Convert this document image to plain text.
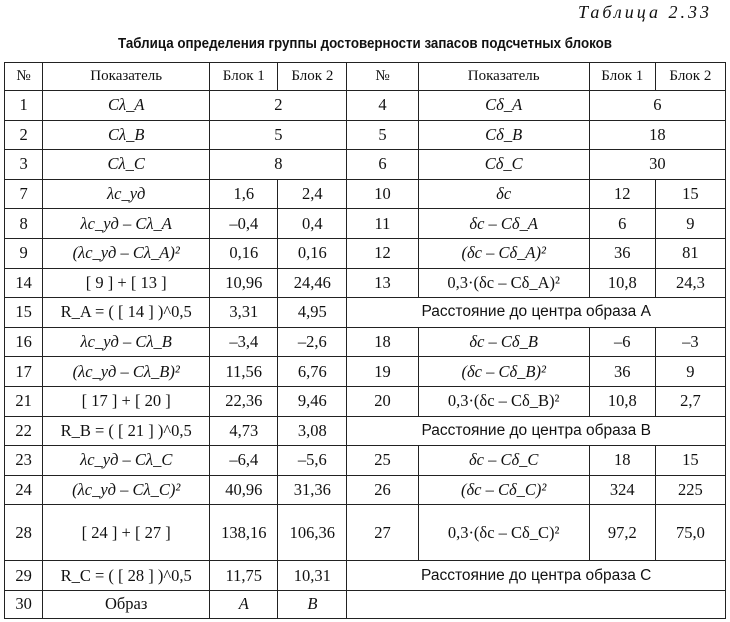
Таблица 2.33
Таблица определения группы достоверности запасов подсчетных блоков
№	Показатель	Блок 1	Блок 2	№	Показатель	Блок 1	Блок 2
1	Cλ_A	2		4	Cδ_A	6	
2	Cλ_B	5		5	Cδ_B	18	
3	Cλ_C	8		6	Cδ_C	30	
7	λc_уд	1,6	2,4	10	δc	12	15
8	λc_уд – Cλ_A	–0,4	0,4	11	δc – Cδ_A	6	9
9	(λc_уд – Cλ_A)²	0,16	0,16	12	(δc – Cδ_A)²	36	81
14	[ 9 ] + [ 13 ]	10,96	24,46	13	0,3·(δc – Cδ_A)²	10,8	24,3
15	R_A = ( [ 14 ] )^0,5	3,31	4,95	Расстояние до центра образа А			
16	λc_уд – Cλ_B	–3,4	–2,6	18	δc – Cδ_B	–6	–3
17	(λc_уд – Cλ_B)²	11,56	6,76	19	(δc – Cδ_B)²	36	9
21	[ 17 ] + [ 20 ]	22,36	9,46	20	0,3·(δc – Cδ_B)²	10,8	2,7
22	R_B = ( [ 21 ] )^0,5	4,73	3,08	Расстояние до центра образа В			
23	λc_уд – Cλ_C	–6,4	–5,6	25	δc – Cδ_C	18	15
24	(λc_уд – Cλ_C)²	40,96	31,36	26	(δc – Cδ_C)²	324	225
28	[ 24 ] + [ 27 ]	138,16	106,36	27	0,3·(δc – Cδ_C)²	97,2	75,0
29	R_C = ( [ 28 ] )^0,5	11,75	10,31	Расстояние до центра образа С			
30	Образ	A	B				
